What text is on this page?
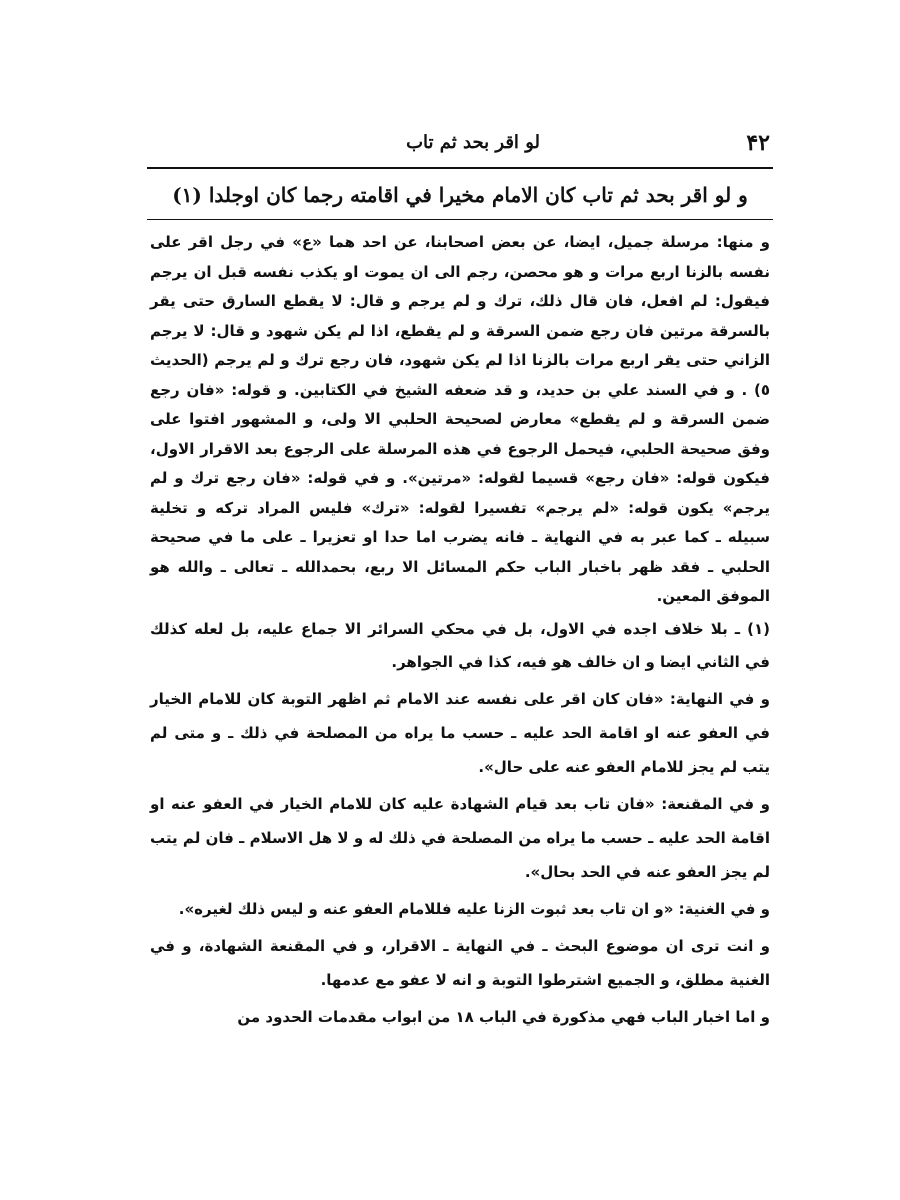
۴۲
لو اقر بحد ثم تاب
و لو اقر بحد ثم تاب كان الامام مخيرا في اقامته رجما كان اوجلدا (١)

و منها: مرسلة جميل، ايضا، عن بعض اصحابنا، عن احد هما «ع» في رجل اقر على نفسه بالزنا اربع مرات و هو محصن، رجم الى ان يموت او يكذب نفسه قبل ان يرجم فيقول: لم افعل، فان قال ذلك، ترك و لم يرجم و قال: لا يقطع السارق حتى يقر بالسرقة مرتين فان رجع ضمن السرقة و لم يقطع، اذا لم يكن شهود و قال: لا يرجم الزاني حتى يقر اربع مرات بالزنا اذا لم يكن شهود، فان رجع ترك و لم يرجم (الحديث ٥) . و في السند علي بن حديد، و قد ضعفه الشيخ في الكتابين. و قوله: «فان رجع ضمن السرقة و لم يقطع» معارض لصحيحة الحلبي الا ولى، و المشهور افتوا على وفق صحيحة الحلبي، فيحمل الرجوع في هذه المرسلة على الرجوع بعد الاقرار الاول، فيكون قوله: «فان رجع» قسيما لقوله: «مرتين». و في قوله: «فان رجع ترك و لم يرجم» يكون قوله: «لم يرجم» تفسيرا لقوله: «ترك» فليس المراد تركه و تخلية سبيله ـ كما عبر به في النهاية ـ فانه يضرب اما حدا او تعزيرا ـ على ما في صحيحة الحلبي ـ فقد ظهر باخبار الباب حكم المسائل الا ربع، بحمدالله ـ تعالى ـ والله هو الموفق المعين.

(١) ـ بلا خلاف اجده في الاول، بل في محكي السرائر الا جماع عليه، بل لعله كذلك في الثاني ايضا و ان خالف هو فيه، كذا في الجواهر.

و في النهاية: «فان كان اقر على نفسه عند الامام ثم اظهر التوبة كان للامام الخيار في العفو عنه او اقامة الحد عليه ـ حسب ما يراه من المصلحة في ذلك ـ و متى لم يتب لم يجز للامام العفو عنه على حال».

و في المقنعة: «فان تاب بعد قيام الشهادة عليه كان للامام الخيار في العفو عنه او اقامة الحد عليه ـ حسب ما يراه من المصلحة في ذلك له و لا هل الاسلام ـ فان لم يتب لم يجز العفو عنه في الحد بحال».

و في الغنية: «و ان تاب بعد ثبوت الزنا عليه فللامام العفو عنه و ليس ذلك لغيره».

و انت ترى ان موضوع البحث ـ في النهاية ـ الاقرار، و في المقنعة الشهادة، و في الغنية مطلق، و الجميع اشترطوا التوبة و انه لا عفو مع عدمها.

و اما اخبار الباب فهي مذكورة في الباب ١٨ من ابواب مقدمات الحدود من
